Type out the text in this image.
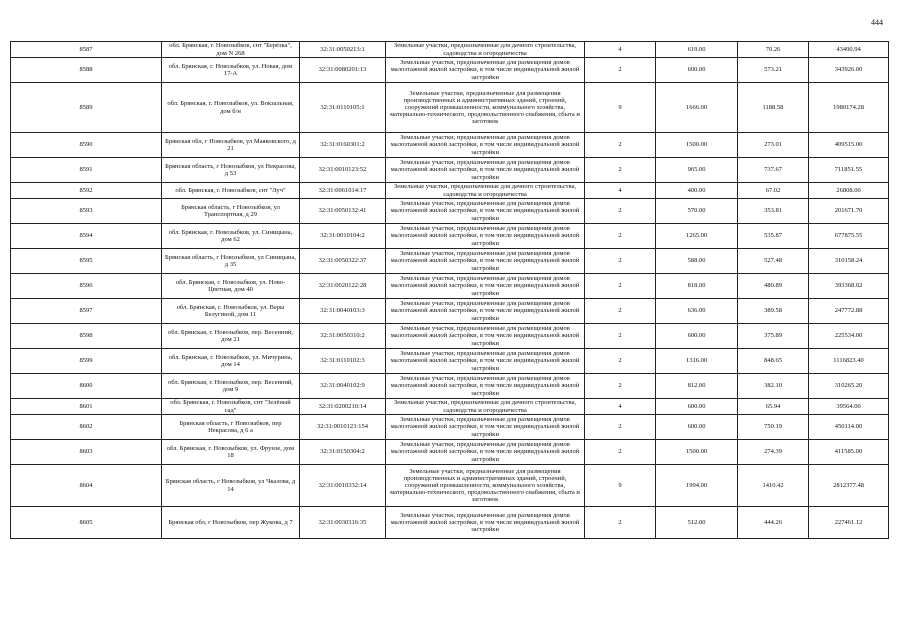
444
8587	обл. Брянская, г. Новозыбков, снт "Берёзка", дом N 268	32:31:0050213:1	Земельные участки, предназначенные для дачного строительства, садоводства и огородничества	4	619.00	70.26	43490.94
8588	обл. Брянская, г. Новозыбков, ул. Новая, дом 17-А	32:31:0080201:13	Земельные участки, предназначенные для размещения домов малоэтажной жилой застройки, в том числе индивидуальной жилой застройки	2	600.00	573.21	343926.00
8589	обл. Брянская, г. Новозыбков, ул. Вокзальная, дом б/н	32:31:0110105:1	Земельные участки, предназначенные для размещения производственных и административных зданий, строений, сооружений промышленности, коммунального хозяйства, материально-технического, продовольственного снабжения, сбыта и заготовок	9	1666.00	1188.58	1980174.28
8590	Брянская обл, г Новозыбков, ул Маяковского, д 21	32:31:0160301:2	Земельные участки, предназначенные для размещения домов малоэтажной жилой застройки, в том числе индивидуальной жилой застройки	2	1500.00	273.01	409515.00
8591	Брянская область, г Новозыбков, ул Некрасова, д 53	32:31:0010123:52	Земельные участки, предназначенные для размещения домов малоэтажной жилой застройки, в том числе индивидуальной жилой застройки	2	965.00	737.67	711851.55
8592	обл. Брянская, г. Новозыбков, снт "Луч"	32:31:0061014:17	Земельные участки, предназначенные для дачного строительства, садоводства и огородничества	4	400.00	67.02	26808.00
8593	Брянская область, г Новозыбков, ул Транспортная, д 29	32:31:0050132:41	Земельные участки, предназначенные для размещения домов малоэтажной жилой застройки, в том числе индивидуальной жилой застройки	2	570.00	353.81	201671.70
8594	обл. Брянская, г. Новозыбков, ул. Синицына, дом 62	32:31:0010104:2	Земельные участки, предназначенные для размещения домов малоэтажной жилой застройки, в том числе индивидуальной жилой застройки	2	1265.00	535.87	677875.55
8595	Брянская область, г Новозыбков, ул Синицына, д 35	32:31:0050322:37	Земельные участки, предназначенные для размещения домов малоэтажной жилой застройки, в том числе индивидуальной жилой застройки	2	588.00	527.48	310158.24
8596	обл. Брянская, г. Новозыбков, ул. Ново-Цветная, дом 40	32:31:0020122:28	Земельные участки, предназначенные для размещения домов малоэтажной жилой застройки, в том числе индивидуальной жилой застройки	2	818.00	480.89	393368.02
8597	обл. Брянская, г. Новозыбков, ул. Веры Белугиной, дом 11	32:31:0040103:3	Земельные участки, предназначенные для размещения домов малоэтажной жилой застройки, в том числе индивидуальной жилой застройки	2	636.00	389.58	247772.88
8598	обл. Брянская, г. Новозыбков, пер. Весенний, дом 21	32:31:0050310:2	Земельные участки, предназначенные для размещения домов малоэтажной жилой застройки, в том числе индивидуальной жилой застройки	2	600.00	375.89	225534.00
8599	обл. Брянская, г. Новозыбков, ул. Мичурина, дом 14	32:31:0110102:3	Земельные участки, предназначенные для размещения домов малоэтажной жилой застройки, в том числе индивидуальной жилой застройки	2	1316.00	848.65	1116823.40
8600	обл. Брянская, г. Новозыбков, пер. Весенний, дом 9	32:31:0040102:9	Земельные участки, предназначенные для размещения домов малоэтажной жилой застройки, в том числе индивидуальной жилой застройки	2	812.00	382.10	310265.20
8601	обл. Брянская, г. Новозыбков, снт "Зелёный сад"	32:31:0200210:14	Земельные участки, предназначенные для дачного строительства, садоводства и огородничества	4	600.00	65.94	39564.00
8602	Брянская область, г Новозыбков, пер Некрасова, д 6 а	32:31:0010123:154	Земельные участки, предназначенные для размещения домов малоэтажной жилой застройки, в том числе индивидуальной жилой застройки	2	600.00	750.19	450114.00
8603	обл. Брянская, г. Новозыбков, ул. Фрунзе, дом 18	32:31:0150304:2	Земельные участки, предназначенные для размещения домов малоэтажной жилой застройки, в том числе индивидуальной жилой застройки	2	1500.00	274.39	411585.00
8604	Брянская область, г Новозыбков, ул Чкалова, д 14	32:31:0010332:14	Земельные участки, предназначенные для размещения производственных и административных зданий, строений, сооружений промышленности, коммунального хозяйства, материально-технического, продовольственного снабжения, сбыта и заготовок	9	1994.00	1410.42	2812377.48
8605	Брянская обл, г Новозыбков, пер Жукова, д 7	32:31:0030316:35	Земельные участки, предназначенные для размещения домов малоэтажной жилой застройки, в том числе индивидуальной жилой застройки	2	512.00	444.26	227461.12
